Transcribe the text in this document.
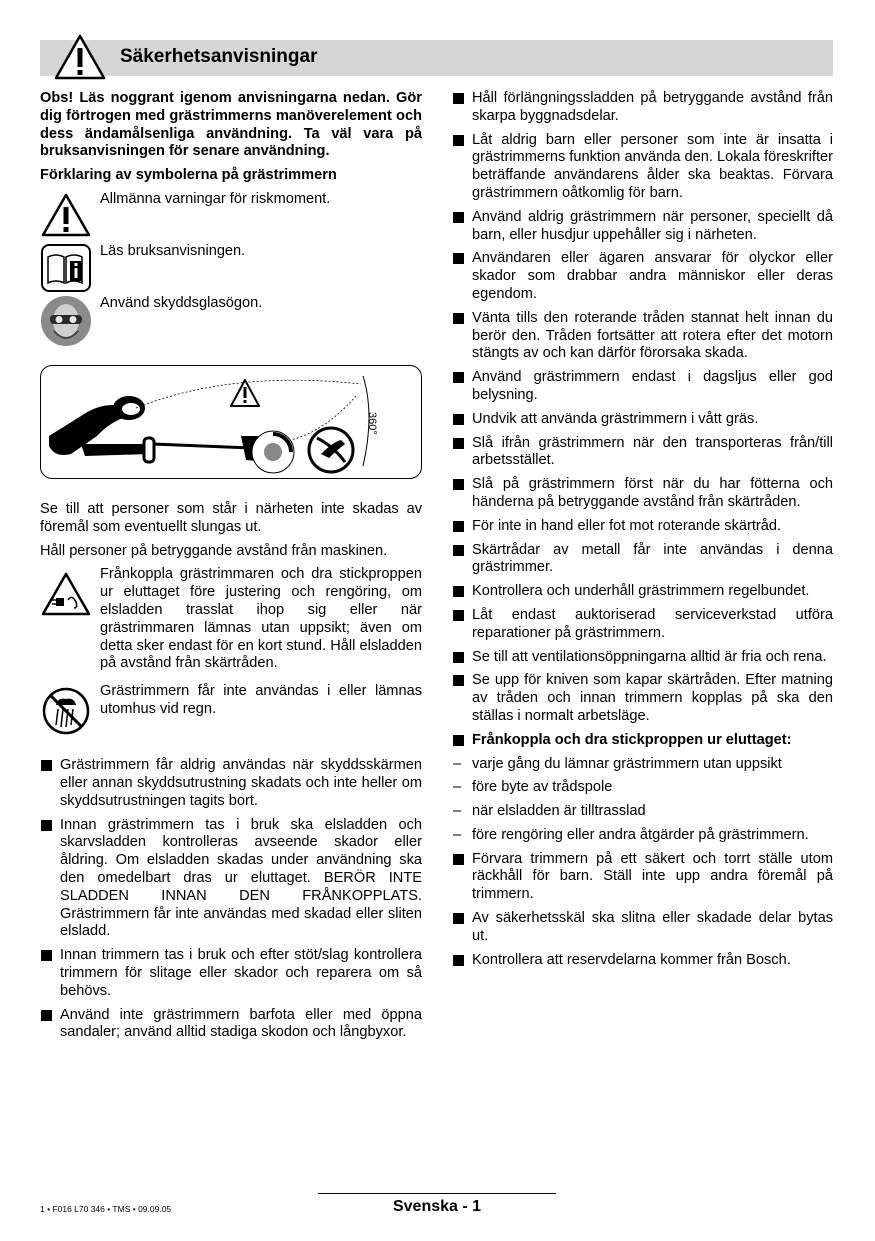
Säkerhetsanvisningar

Obs! Läs noggrant igenom anvisningarna nedan. Gör dig förtrogen med grästrimmerns manöverelement och dess ändamålsenliga användning. Ta väl vara på bruksanvisningen för senare användning.

Förklaring av symbolerna på grästrimmern

Allmänna varningar för riskmoment.
Läs bruksanvisningen.
Använd skyddsglasögon.
360°

Se till att personer som står i närheten inte skadas av föremål som eventuellt slungas ut.

Håll personer på betryggande avstånd från maskinen.

Frånkoppla grästrimmaren och dra stickproppen ur eluttaget före justering och rengöring, om elsladden trasslat ihop sig eller när grästrimmaren lämnas utan uppsikt; även om detta sker endast för en kort stund. Håll elsladden på avstånd från skärtråden.

Grästrimmern får inte användas i eller lämnas utomhus vid regn.

Grästrimmern får aldrig användas när skyddsskärmen eller annan skyddsutrustning skadats och inte heller om skyddsutrustningen tagits bort.
Innan grästrimmern tas i bruk ska elsladden och skarvsladden kontrolleras avseende skador eller åldring. Om elsladden skadas under användning ska den omedelbart dras ur eluttaget. BERÖR INTE SLADDEN INNAN DEN FRÅNKOPPLATS. Grästrimmern får inte användas med skadad eller sliten elsladd.
Innan trimmern tas i bruk och efter stöt/slag kontrollera trimmern för slitage eller skador och reparera om så behövs.
Använd inte grästrimmern barfota eller med öppna sandaler; använd alltid stadiga skodon och långbyxor.
Håll förlängningssladden på betryggande avstånd från skarpa byggnadsdelar.
Låt aldrig barn eller personer som inte är insatta i grästrimmerns funktion använda den. Lokala föreskrifter beträffande användarens ålder ska beaktas. Förvara grästrimmern oåtkomlig för barn.
Använd aldrig grästrimmern när personer, speciellt då barn, eller husdjur uppehåller sig i närheten.
Användaren eller ägaren ansvarar för olyckor eller skador som drabbar andra människor eller deras egendom.
Vänta tills den roterande tråden stannat helt innan du berör den. Tråden fortsätter att rotera efter det motorn stängts av och kan därför förorsaka skada.
Använd grästrimmern endast i dagsljus eller god belysning.
Undvik att använda grästrimmern i vått gräs.
Slå ifrån grästrimmern när den transporteras från/till arbetsstället.
Slå på grästrimmern först när du har fötterna och händerna på betryggande avstånd från skärtråden.
För inte in hand eller fot mot roterande skärtråd.
Skärtrådar av metall får inte användas i denna grästrimmer.
Kontrollera och underhåll grästrimmern regelbundet.
Låt endast auktoriserad serviceverkstad utföra reparationer på grästrimmern.
Se till att ventilationsöppningarna alltid är fria och rena.
Se upp för kniven som kapar skärtråden. Efter matning av tråden och innan trimmern kopplas på ska den ställas i normalt arbetsläge.
Frånkoppla och dra stickproppen ur eluttaget:
– varje gång du lämnar grästrimmern utan uppsikt
– före byte av trådspole
– när elsladden är tilltrasslad
– före rengöring eller andra åtgärder på grästrimmern.
Förvara trimmern på ett säkert och torrt ställe utom räckhåll för barn. Ställ inte upp andra föremål på trimmern.
Av säkerhetsskäl ska slitna eller skadade delar bytas ut.
Kontrollera att reservdelarna kommer från Bosch.
1 • F016 L70 346 • TMS • 09.09.05	Svenska - 1
